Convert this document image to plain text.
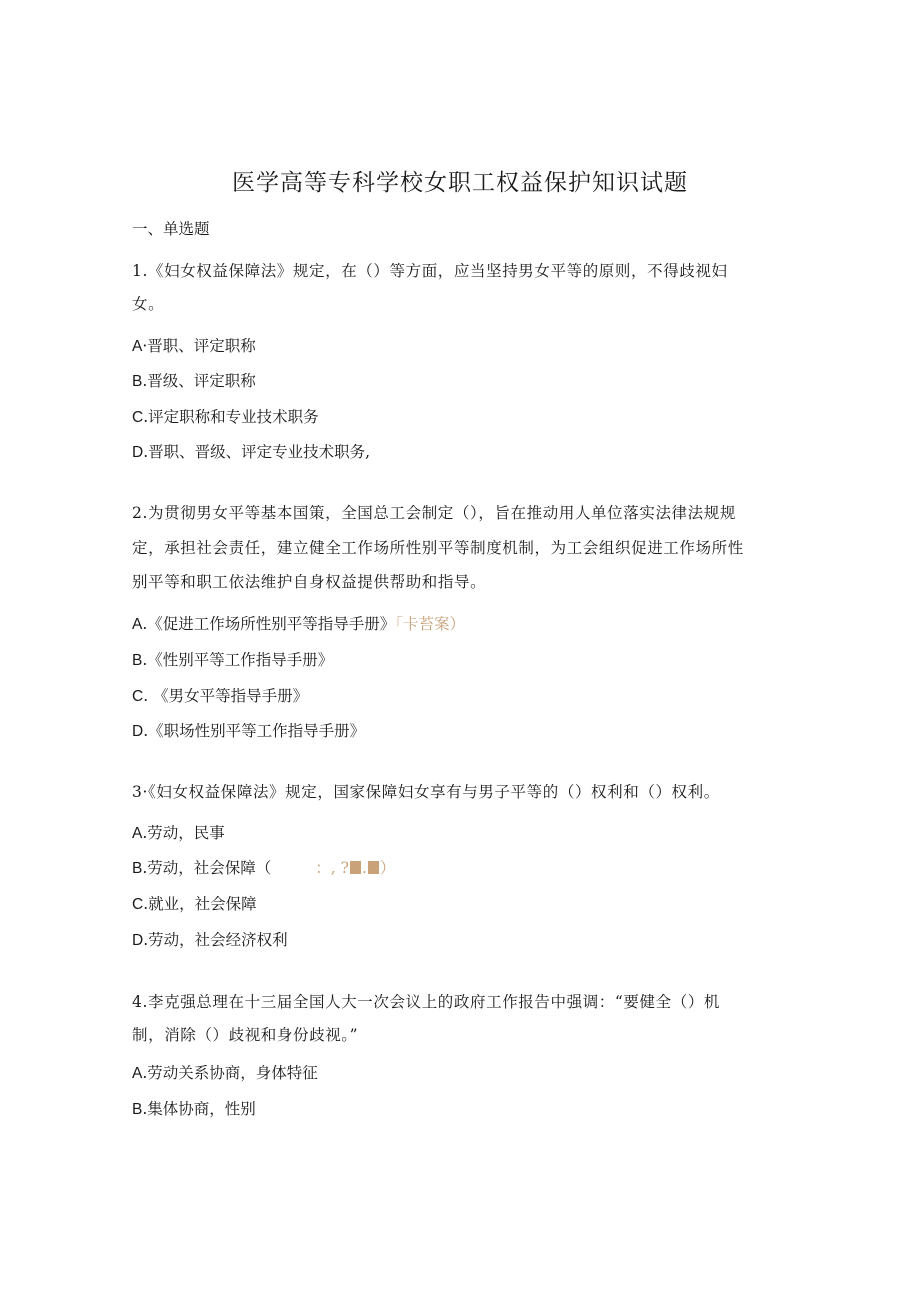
医学高等专科学校女职工权益保护知识试题
一、单选题
1.《妇女权益保障法》规定，在（）等方面，应当坚持男女平等的原则，不得歧视妇
女。
A·晋职、评定职称
B.晋级、评定职称
C.评定职称和专业技术职务
D.晋职、晋级、评定专业技术职务,
2.为贯彻男女平等基本国策，全国总工会制定（），旨在推动用人单位落实法律法规规
定，承担社会责任，建立健全工作场所性别平等制度机制，为工会组织促进工作场所性
别平等和职工依法维护自身权益提供帮助和指导。
A.《促进工作场所性别平等指导手册》「卡苔案）
B.《性别平等工作指导手册》
C. 《男女平等指导手册》
D.《职场性别平等工作指导手册》
3·《妇女权益保障法》规定，国家保障妇女享有与男子平等的（）权利和（）权利。
A.劳动，民事
B.劳动，社会保障（	：, ? . ）
C.就业，社会保障
D.劳动，社会经济权利
4.李克强总理在十三届全国人大一次会议上的政府工作报告中强调：“要健全（）机
制，消除（）歧视和身份歧视。”
A.劳动关系协商，身体特征
B.集体协商，性别
